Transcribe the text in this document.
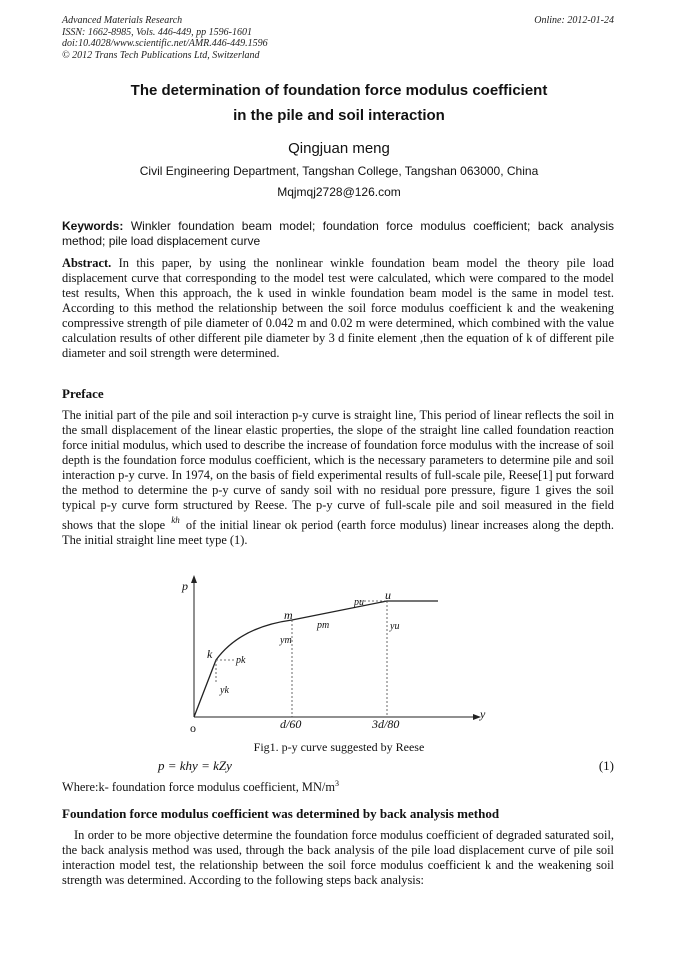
Advanced Materials Research
ISSN: 1662-8985, Vols. 446-449, pp 1596-1601
doi:10.4028/www.scientific.net/AMR.446-449.1596
© 2012 Trans Tech Publications Ltd, Switzerland
Online: 2012-01-24
The determination of foundation force modulus coefficient
in the pile and soil interaction
Qingjuan meng
Civil Engineering Department, Tangshan College, Tangshan 063000, China
Mqjmqj2728@126.com
Keywords: Winkler foundation beam model; foundation force modulus coefficient; back analysis method; pile load displacement curve
Abstract. In this paper, by using the nonlinear winkle foundation beam model the theory pile load displacement curve that corresponding to the model test were calculated, which were compared to the model test results, When this approach, the k used in winkle foundation beam model is the same in model test. According to this method the relationship between the soil force modulus coefficient k and the weakening compressive strength of pile diameter of 0.042 m and 0.02 m were determined, which combined with the value calculation results of other different pile diameter by 3 d finite element ,then the equation of k of different pile diameter and soil strength were determined.
Preface
The initial part of the pile and soil interaction p-y curve is straight line, This period of linear reflects the soil in the small displacement of the linear elastic properties, the slope of the straight line called foundation reaction force initial modulus, which used to describe the increase of foundation force modulus with the increase of soil depth is the foundation force modulus coefficient, which is the necessary parameters to determine pile and soil interaction p-y curve. In 1974, on the basis of field experimental results of full-scale pile, Reese[1] put forward the method to determine the p-y curve of sandy soil with no residual pore pressure, figure 1 gives the soil typical p-y curve form structured by Reese. The p-y curve of full-scale pile and soil measured in the field shows that the slope $^{kh}$ of the initial linear ok period (earth force modulus) linear increases along the depth. The initial straight line meet type (1).
p
y
o
k pk
yk
m
pm
ym
u
pu
yu
d/60	3d/80
Fig1. p-y curve suggested by Reese
p = khy = kZy	(1)
Where:k- foundation force modulus coefficient, $MN/m^3$
Foundation force modulus coefficient was determined by back analysis method
In order to be more objective determine the foundation force modulus coefficient of degraded saturated soil, the back analysis method was used, through the back analysis of the pile load displacement curve of pile soil interaction model test, the relationship between the soil force modulus coefficient k and the weakening soil strength was determined. According to the following steps back analysis:
